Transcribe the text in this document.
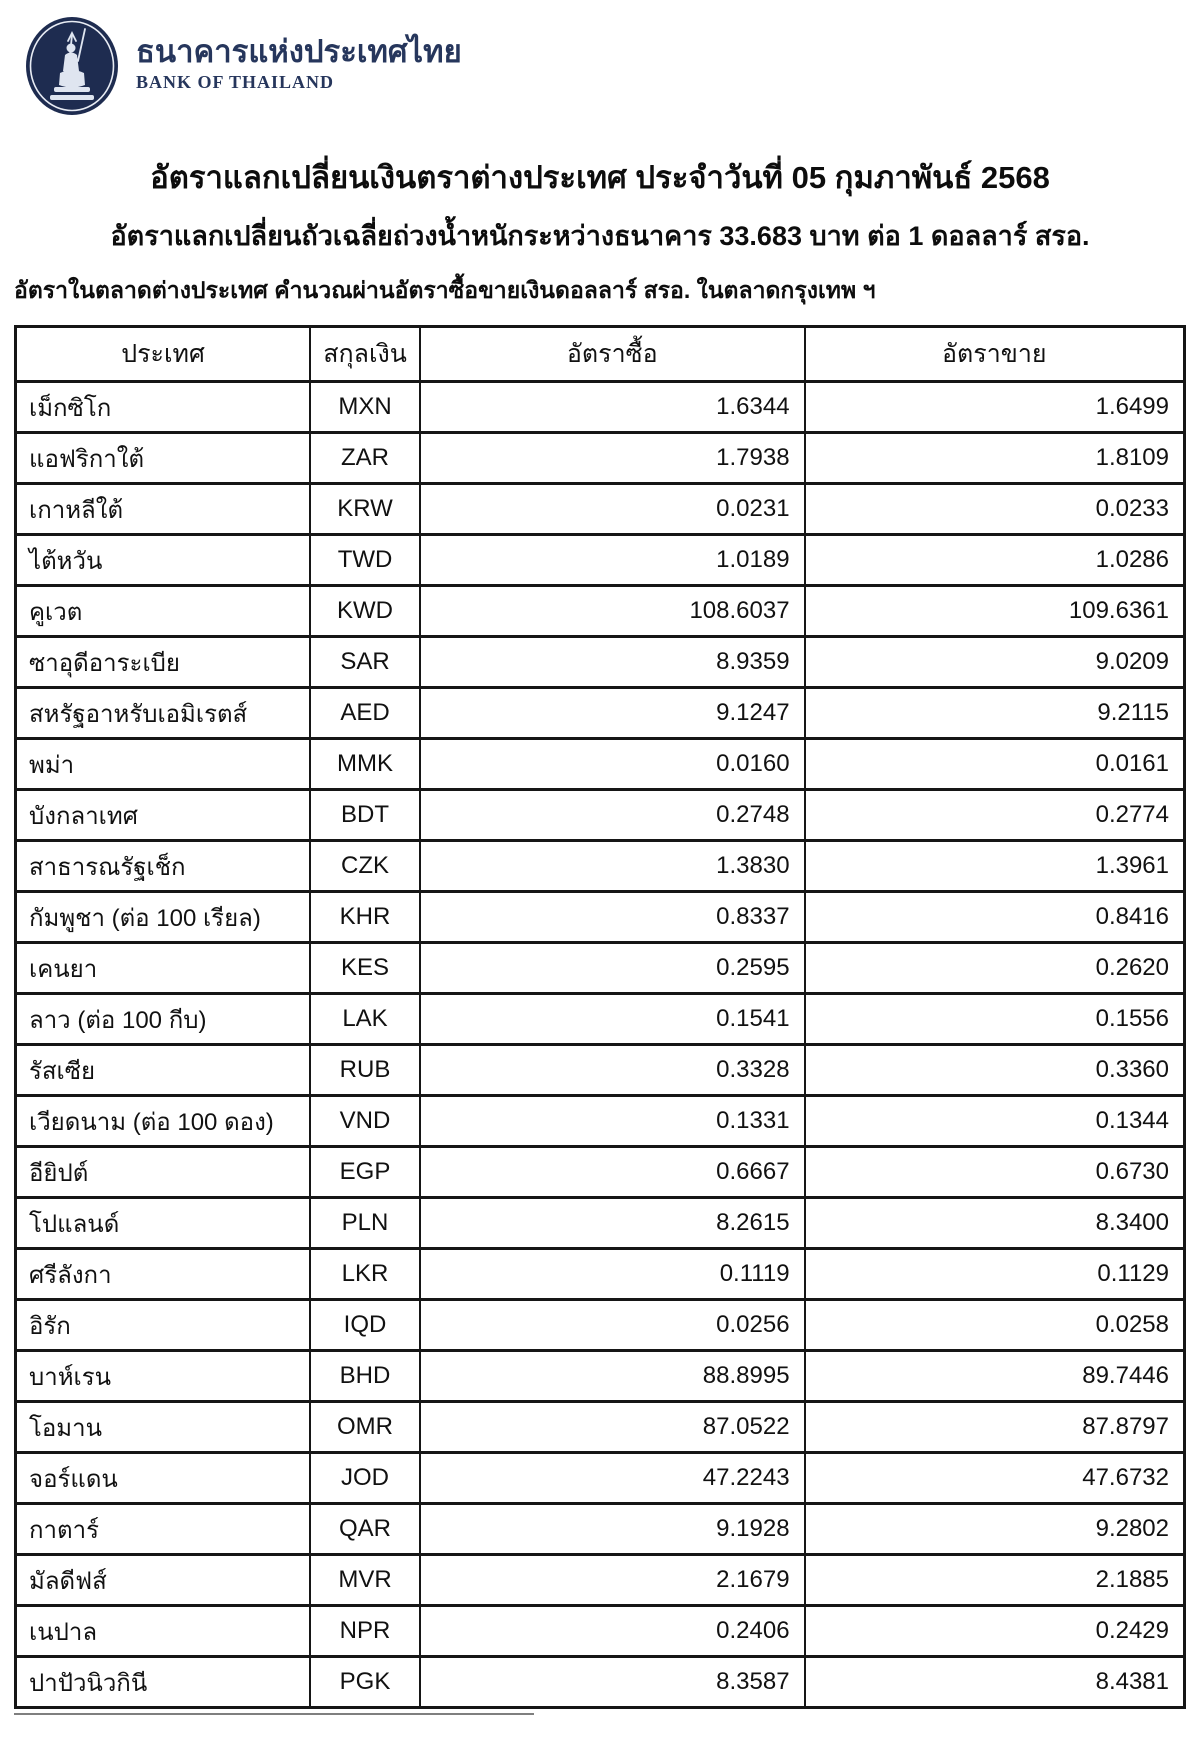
ธนาคารแห่งประเทศไทย
BANK OF THAILAND
อัตราแลกเปลี่ยนเงินตราต่างประเทศ ประจำวันที่ 05 กุมภาพันธ์ 2568
อัตราแลกเปลี่ยนถัวเฉลี่ยถ่วงน้ำหนักระหว่างธนาคาร 33.683 บาท ต่อ 1 ดอลลาร์ สรอ.
อัตราในตลาดต่างประเทศ คำนวณผ่านอัตราซื้อขายเงินดอลลาร์ สรอ. ในตลาดกรุงเทพ ฯ
ประเทศ	สกุลเงิน	อัตราซื้อ	อัตราขาย
เม็กซิโก	MXN	1.6344	1.6499
แอฟริกาใต้	ZAR	1.7938	1.8109
เกาหลีใต้	KRW	0.0231	0.0233
ไต้หวัน	TWD	1.0189	1.0286
คูเวต	KWD	108.6037	109.6361
ซาอุดีอาระเบีย	SAR	8.9359	9.0209
สหรัฐอาหรับเอมิเรตส์	AED	9.1247	9.2115
พม่า	MMK	0.0160	0.0161
บังกลาเทศ	BDT	0.2748	0.2774
สาธารณรัฐเช็ก	CZK	1.3830	1.3961
กัมพูชา (ต่อ 100 เรียล)	KHR	0.8337	0.8416
เคนยา	KES	0.2595	0.2620
ลาว (ต่อ 100 กีบ)	LAK	0.1541	0.1556
รัสเซีย	RUB	0.3328	0.3360
เวียดนาม (ต่อ 100 ดอง)	VND	0.1331	0.1344
อียิปต์	EGP	0.6667	0.6730
โปแลนด์	PLN	8.2615	8.3400
ศรีลังกา	LKR	0.1119	0.1129
อิรัก	IQD	0.0256	0.0258
บาห์เรน	BHD	88.8995	89.7446
โอมาน	OMR	87.0522	87.8797
จอร์แดน	JOD	47.2243	47.6732
กาตาร์	QAR	9.1928	9.2802
มัลดีฟส์	MVR	2.1679	2.1885
เนปาล	NPR	0.2406	0.2429
ปาปัวนิวกินี	PGK	8.3587	8.4381
